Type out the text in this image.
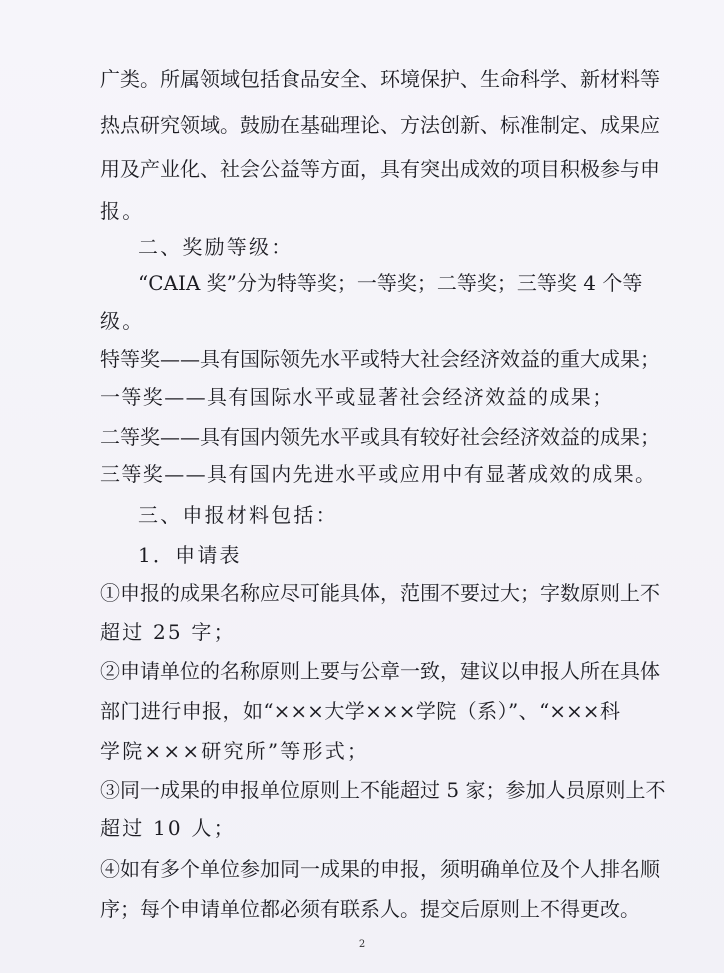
广类。所属领域包括食品安全、环境保护、生命科学、新材料等
热点研究领域。鼓励在基础理论、方法创新、标准制定、成果应
用及产业化、社会公益等方面，具有突出成效的项目积极参与申
报。
二、奖励等级：
“CAIA 奖”分为特等奖；一等奖；二等奖；三等奖 4 个等
级。
特等奖——具有国际领先水平或特大社会经济效益的重大成果；
一等奖——具有国际水平或显著社会经济效益的成果；
二等奖——具有国内领先水平或具有较好社会经济效益的成果；
三等奖——具有国内先进水平或应用中有显著成效的成果。
三、申报材料包括：
1．申请表
①申报的成果名称应尽可能具体，范围不要过大；字数原则上不
超过 25 字；
②申请单位的名称原则上要与公章一致，建议以申报人所在具体
部门进行申报，如“×××大学×××学院（系）”、“×××科
学院×××研究所”等形式；
③同一成果的申报单位原则上不能超过 5 家；参加人员原则上不
超过 10 人；
④如有多个单位参加同一成果的申报，须明确单位及个人排名顺
序；每个申请单位都必须有联系人。提交后原则上不得更改。
2
